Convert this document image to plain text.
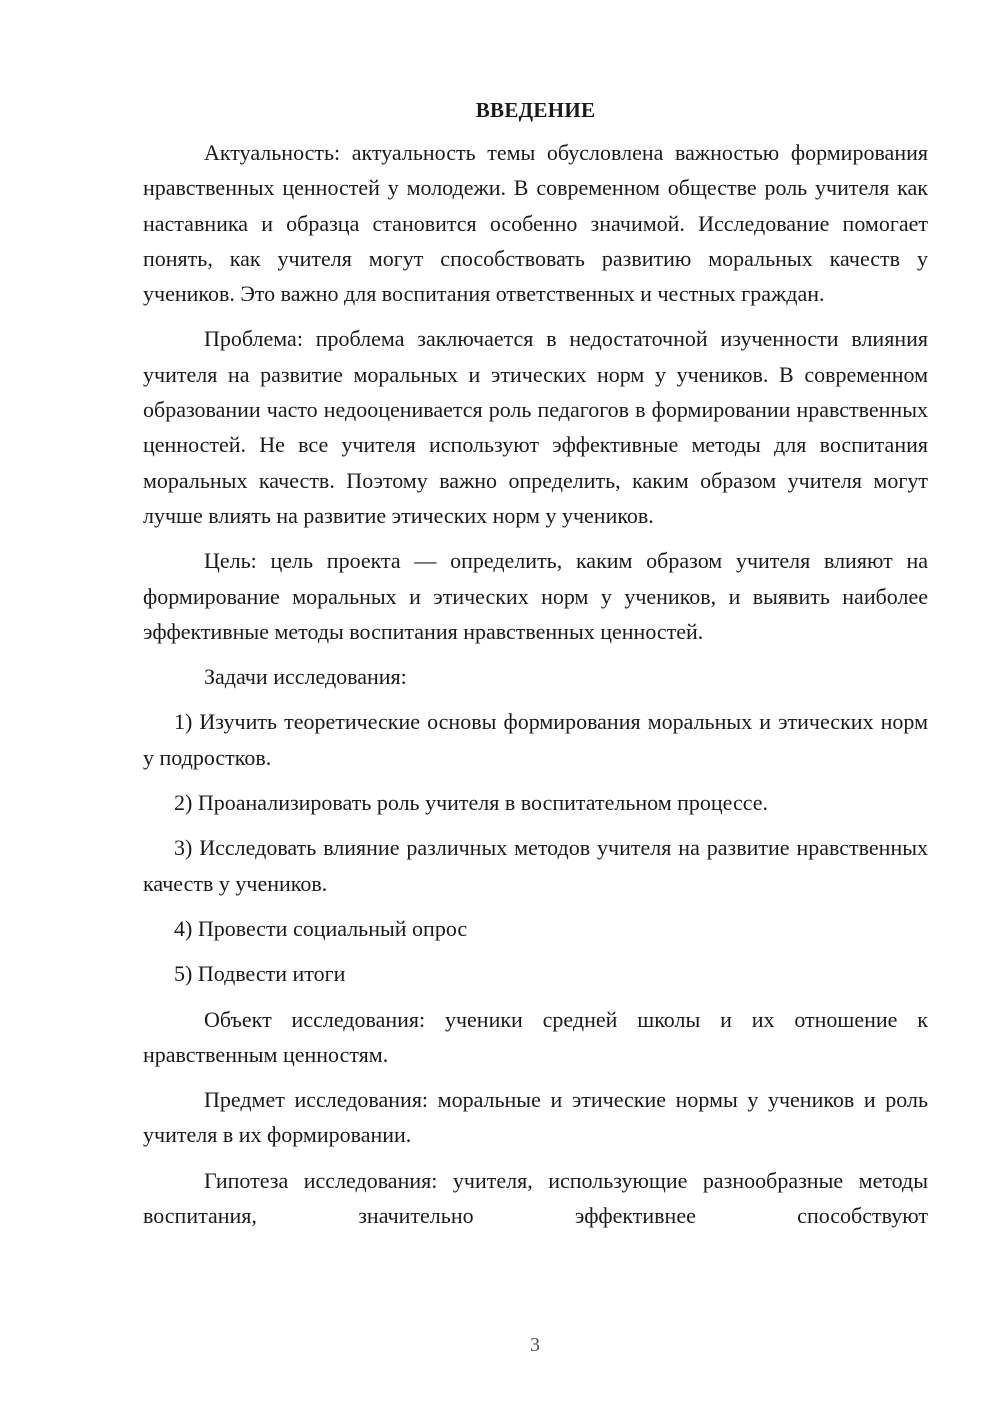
ВВЕДЕНИЕ

Актуальность: актуальность темы обусловлена важностью формирования нравственных ценностей у молодежи. В современном обществе роль учителя как наставника и образца становится особенно значимой. Исследование помогает понять, как учителя могут способствовать развитию моральных качеств у учеников. Это важно для воспитания ответственных и честных граждан.

Проблема: проблема заключается в недостаточной изученности влияния учителя на развитие моральных и этических норм у учеников. В современном образовании часто недооценивается роль педагогов в формировании нравственных ценностей. Не все учителя используют эффективные методы для воспитания моральных качеств. Поэтому важно определить, каким образом учителя могут лучше влиять на развитие этических норм у учеников.

Цель: цель проекта — определить, каким образом учителя влияют на формирование моральных и этических норм у учеников, и выявить наиболее эффективные методы воспитания нравственных ценностей.

Задачи исследования:

1) Изучить теоретические основы формирования моральных и этических норм у подростков.

2) Проанализировать роль учителя в воспитательном процессе.

3) Исследовать влияние различных методов учителя на развитие нравственных качеств у учеников.

4) Провести социальный опрос

5) Подвести итоги

Объект исследования: ученики средней школы и их отношение к нравственным ценностям.

Предмет исследования: моральные и этические нормы у учеников и роль учителя в их формировании.

Гипотеза исследования: учителя, использующие разнообразные методы воспитания, значительно эффективнее способствуют

3
